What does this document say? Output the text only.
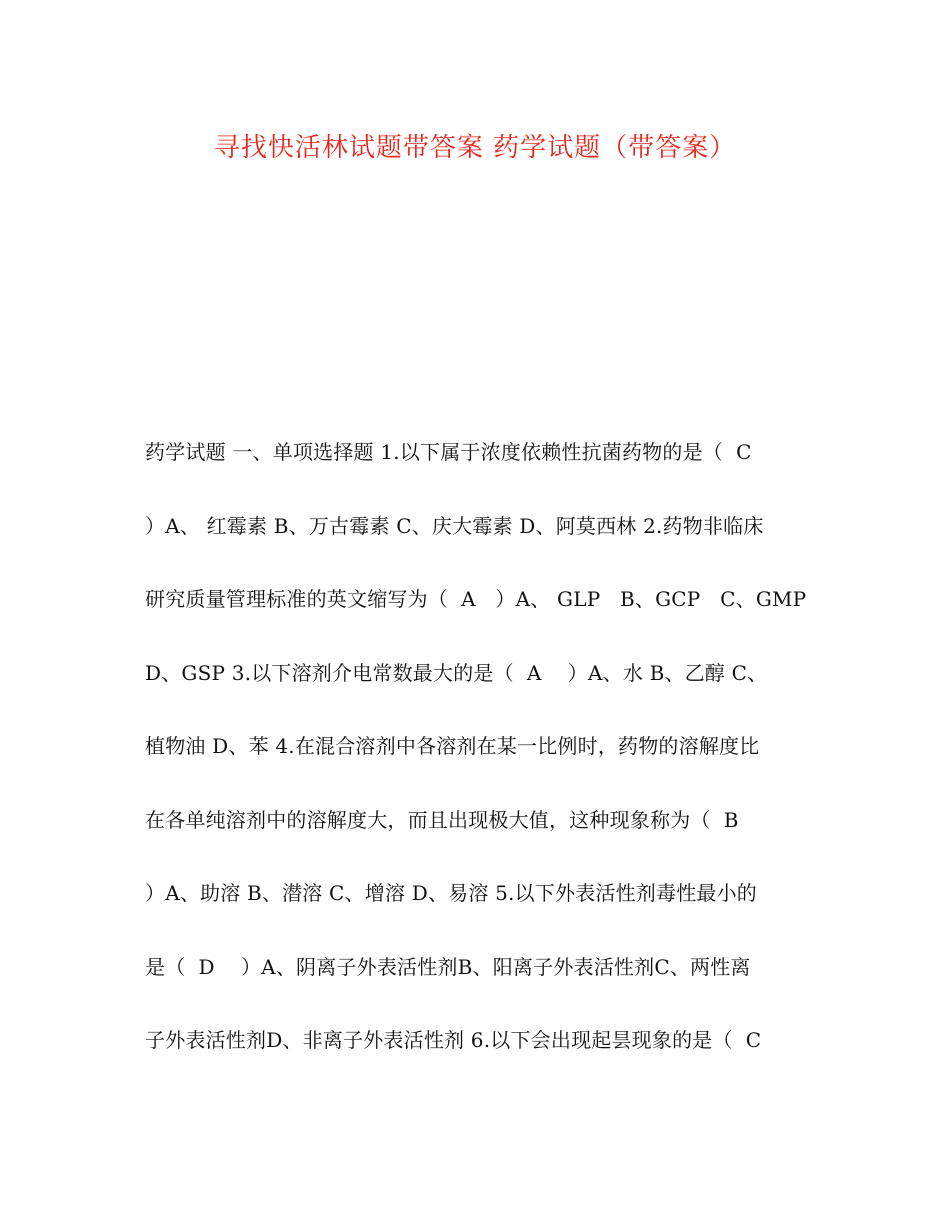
寻找快活林试题带答案 药学试题（带答案）
药学试题 一、单项选择题 1.以下属于浓度依赖性抗菌药物的是（  C
）A、 红霉素 B、万古霉素 C、庆大霉素 D、阿莫西林 2.药物非临床
研究质量管理标准的英文缩写为（  A   ）A、 GLP   B、GCP   C、GMP
D、GSP 3.以下溶剂介电常数最大的是（  A    ）A、水 B、乙醇 C、
植物油 D、苯 4.在混合溶剂中各溶剂在某一比例时，药物的溶解度比
在各单纯溶剂中的溶解度大，而且出现极大值，这种现象称为（  B
）A、助溶 B、潜溶 C、增溶 D、易溶 5.以下外表活性剂毒性最小的
是（  D    ）A、阴离子外表活性剂B、阳离子外表活性剂C、两性离
子外表活性剂D、非离子外表活性剂 6.以下会出现起昙现象的是（  C
